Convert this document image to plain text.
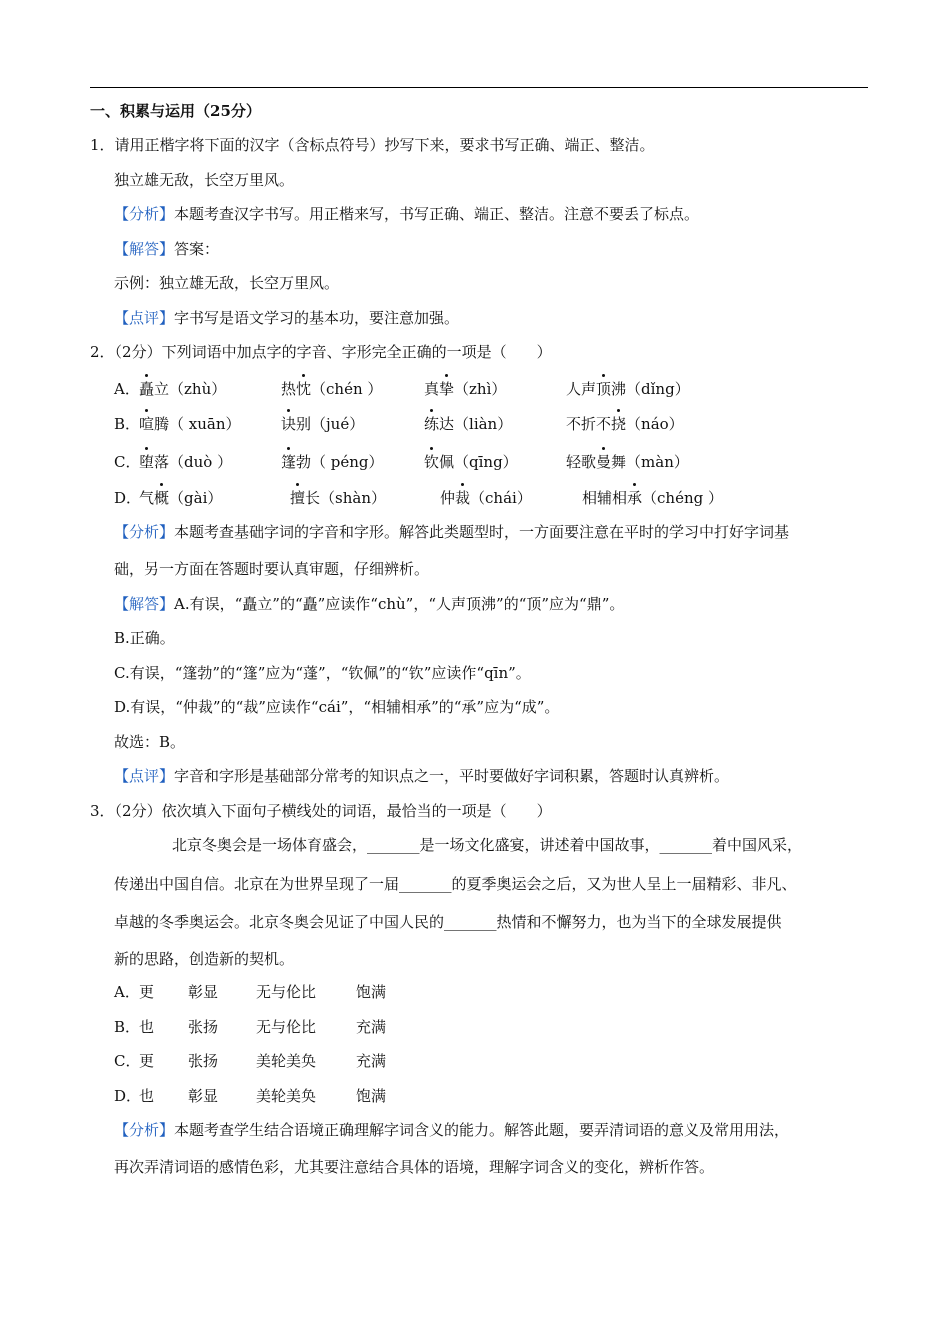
一、积累与运用（25分）
1．请用正楷字将下面的汉字（含标点符号）抄写下来，要求书写正确、端正、整洁。
独立雄无敌，长空万里风。
【分析】本题考查汉字书写。用正楷来写，书写正确、端正、整洁。注意不要丢了标点。
【解答】答案：
示例：独立雄无敌，长空万里风。
【点评】字书写是语文学习的基本功，要注意加强。
2．（2分）下列词语中加点字的字音、字形完全正确的一项是（　　）
A． 矗立（zhù）	热忱（chén ）	真挚（zhì）	人声顶沸（dǐng）
B．
喧腾（ xuān）	诀别（jué）	练达（liàn）	不折不挠（náo）
C．
堕落（duò ）	篷勃（ péng）	钦佩（qīng）	轻歌曼舞（màn）
D．
气概（gài）	擅长（shàn）	仲裁（chái）	相辅相承（chéng ）
【分析】本题考查基础字词的字音和字形。解答此类题型时，一方面要注意在平时的学习中打好字词基
础，另一方面在答题时要认真审题，仔细辨析。
【解答】A.有误，“矗立”的“矗”应读作“chù”，“人声顶沸”的“顶”应为“鼎”。
B.正确。
C.有误，“篷勃”的“篷”应为“蓬”，“钦佩”的“钦”应读作“qīn”。
D.有误，“仲裁”的“裁”应读作“cái”，“相辅相承”的“承”应为“成”。
故选：B。
【点评】字音和字形是基础部分常考的知识点之一，平时要做好字词积累，答题时认真辨析。
3．（2分）依次填入下面句子横线处的词语，最恰当的一项是（　　）
北京冬奥会是一场体育盛会，_______是一场文化盛宴，讲述着中国故事，_______着中国风采，
传递出中国自信。北京在为世界呈现了一届_______的夏季奥运会之后，又为世人呈上一届精彩、非凡、
卓越的冬季奥运会。北京冬奥会见证了中国人民的_______热情和不懈努力，也为当下的全球发展提供
新的思路，创造新的契机。
A． 更 彰显	无与伦比	饱满
B．
也 张扬	无与伦比	充满
C．
更 张扬	美轮美奂	充满
D．
也 彰显	美轮美奂	饱满
【分析】本题考查学生结合语境正确理解字词含义的能力。解答此题，要弄清词语的意义及常用用法，
再次弄清词语的感情色彩，尤其要注意结合具体的语境，理解字词含义的变化，辨析作答。
